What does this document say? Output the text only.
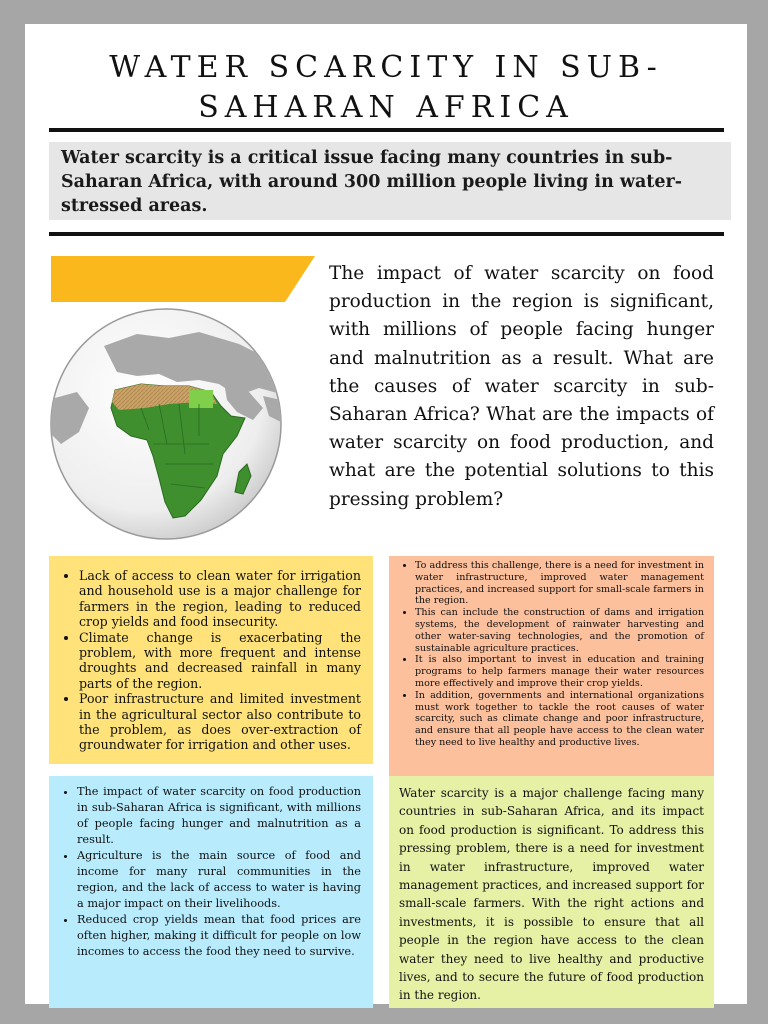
WATER SCARCITY IN SUB-
SAHARAN AFRICA
Water scarcity is a critical issue facing many countries in sub-Saharan Africa, with around 300 million people living in water-stressed areas.
The impact of water scarcity on food production in the region is significant, with millions of people facing hunger and malnutrition as a result. What are the causes of water scarcity in sub-Saharan Africa? What are the impacts of water scarcity on food production, and what are the potential solutions to this pressing problem?
• Lack of access to clean water for irrigation and household use is a major challenge for farmers in the region, leading to reduced crop yields and food insecurity.
• Climate change is exacerbating the problem, with more frequent and intense droughts and decreased rainfall in many parts of the region.
• Poor infrastructure and limited investment in the agricultural sector also contribute to the problem, as does over-extraction of groundwater for irrigation and other uses.
• To address this challenge, there is a need for investment in water infrastructure, improved water management practices, and increased support for small-scale farmers in the region.
• This can include the construction of dams and irrigation systems, the development of rainwater harvesting and other water-saving technologies, and the promotion of sustainable agriculture practices.
• It is also important to invest in education and training programs to help farmers manage their water resources more effectively and improve their crop yields.
• In addition, governments and international organizations must work together to tackle the root causes of water scarcity, such as climate change and poor infrastructure, and ensure that all people have access to the clean water they need to live healthy and productive lives.
• The impact of water scarcity on food production in sub-Saharan Africa is significant, with millions of people facing hunger and malnutrition as a result.
• Agriculture is the main source of food and income for many rural communities in the region, and the lack of access to water is having a major impact on their livelihoods.
• Reduced crop yields mean that food prices are often higher, making it difficult for people on low incomes to access the food they need to survive.
Water scarcity is a major challenge facing many countries in sub-Saharan Africa, and its impact on food production is significant. To address this pressing problem, there is a need for investment in water infrastructure, improved water management practices, and increased support for small-scale farmers. With the right actions and investments, it is possible to ensure that all people in the region have access to the clean water they need to live healthy and productive lives, and to secure the future of food production in the region.
